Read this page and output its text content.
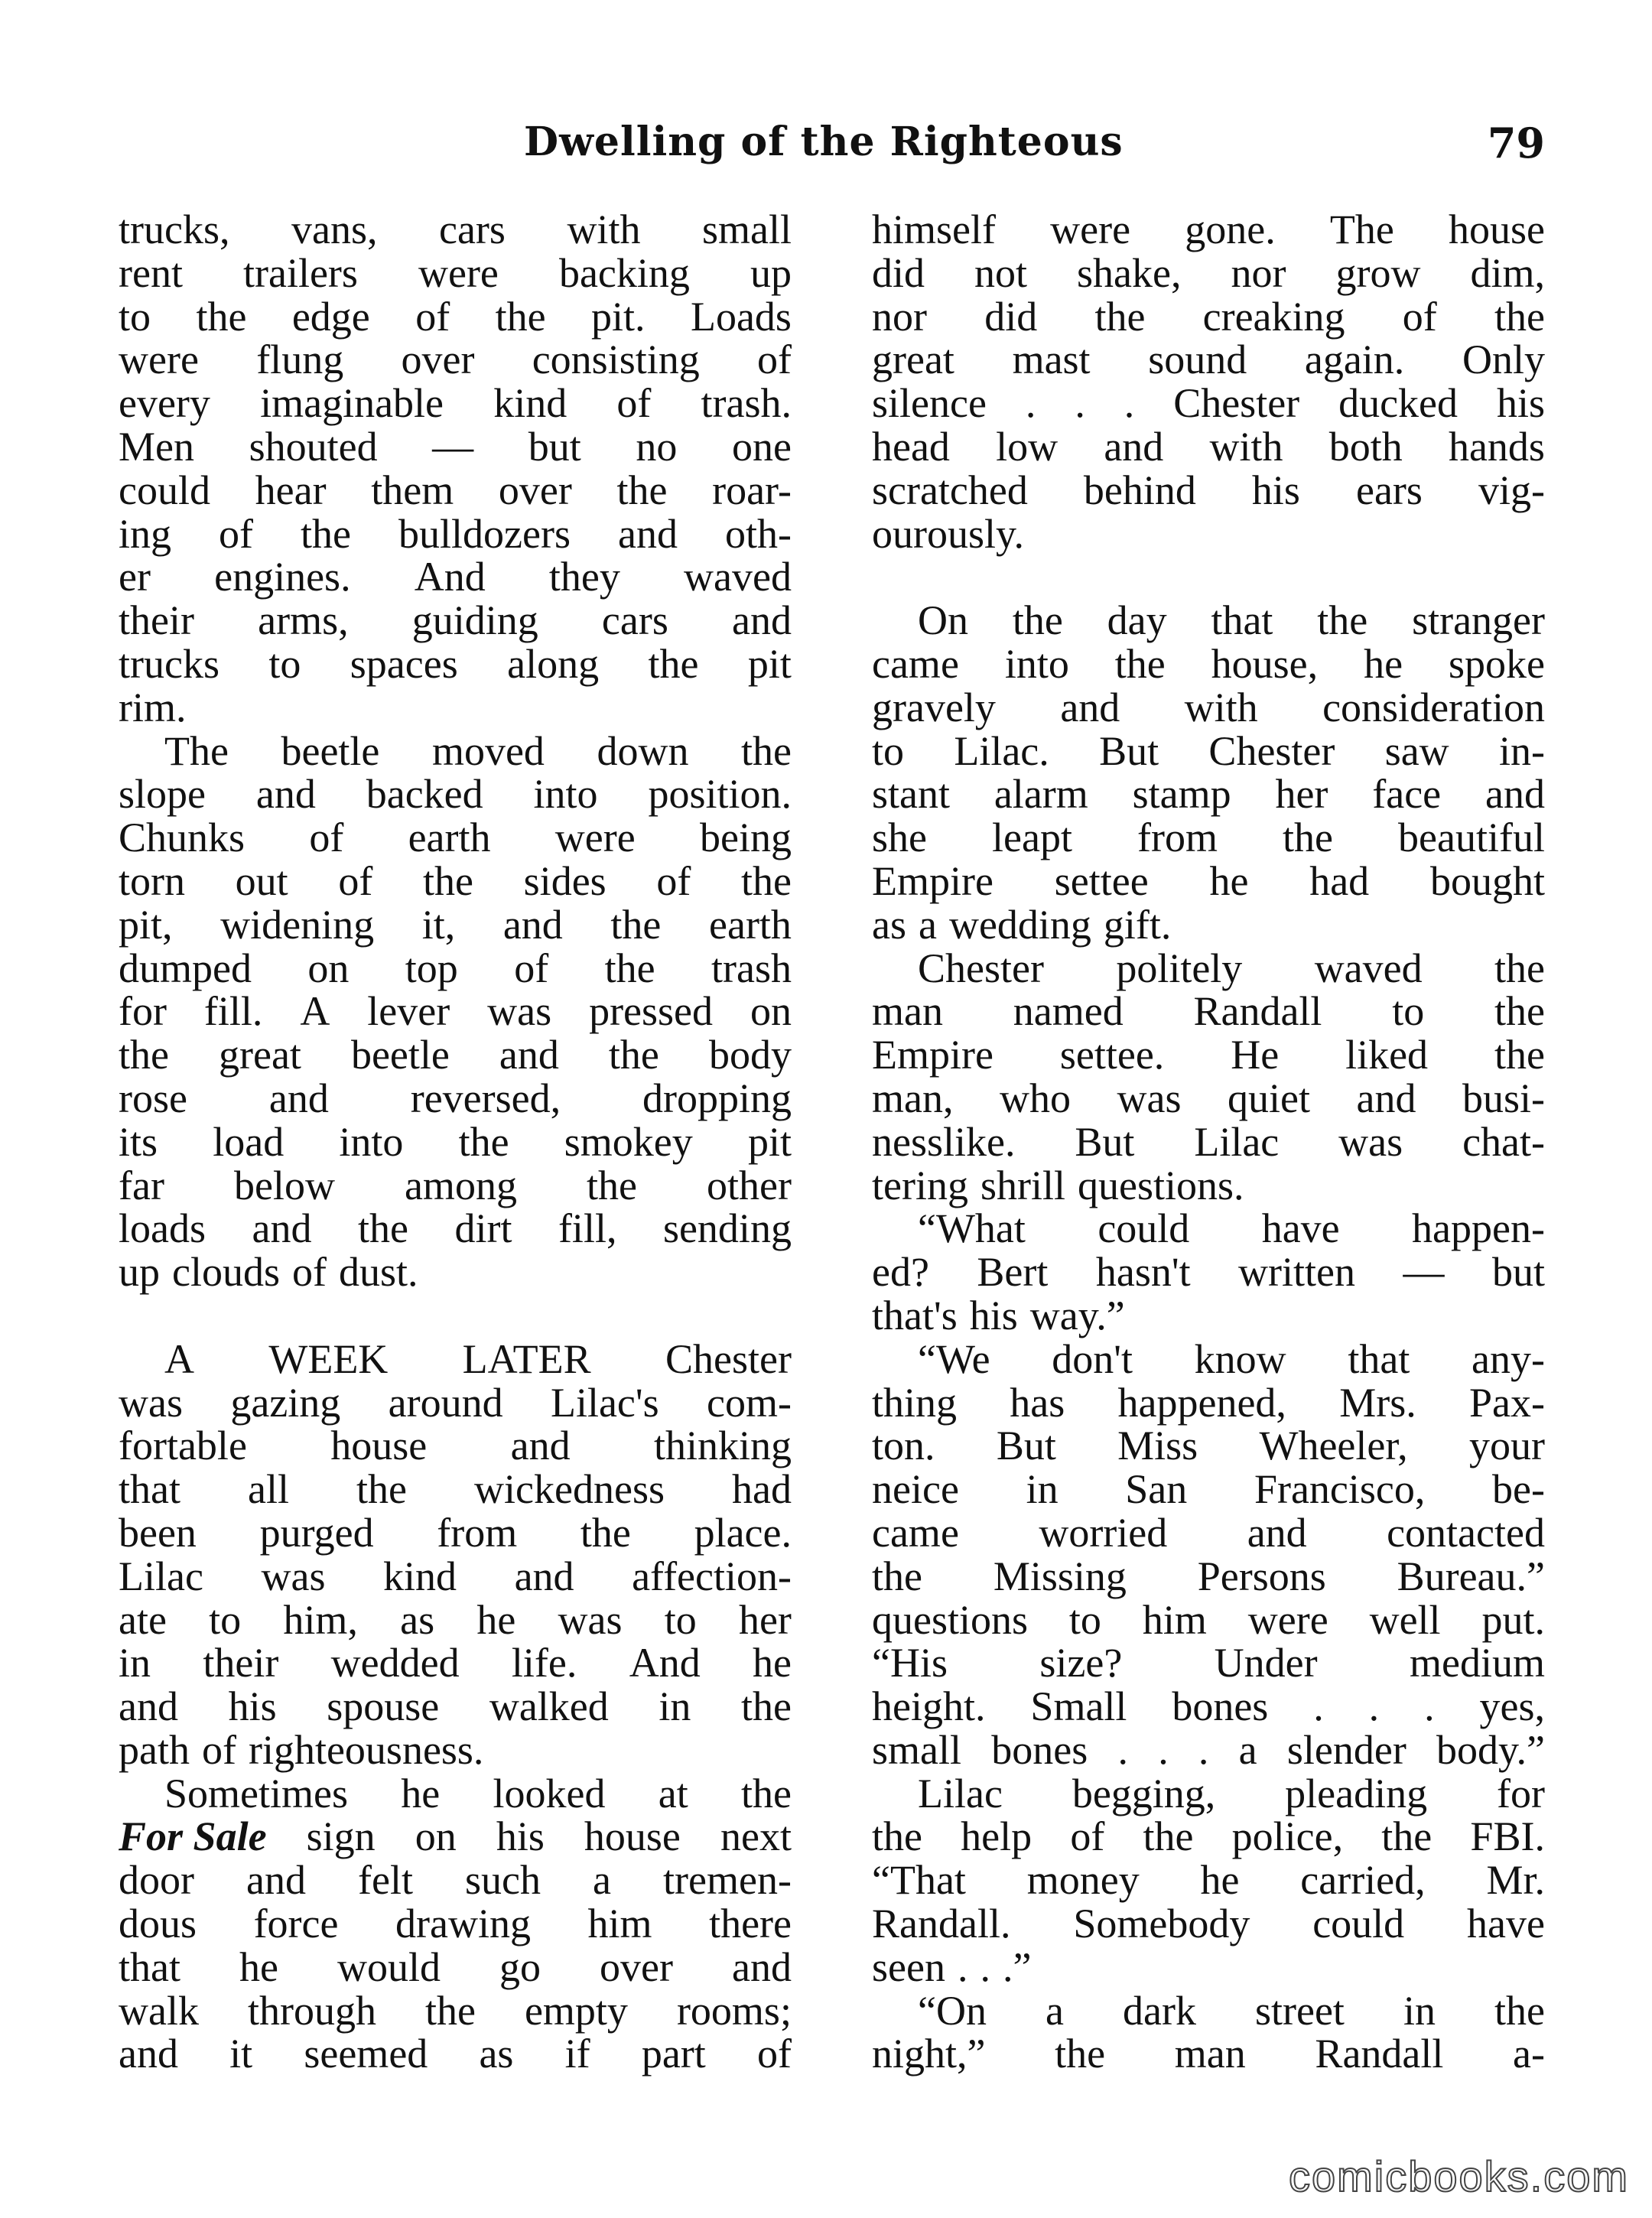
Dwelling of the Righteous	79
trucks, vans, cars with small
rent trailers were backing up
to the edge of the pit. Loads
were flung over consisting of
every imaginable kind of trash.
Men shouted — but no one
could hear them over the roar-
ing of the bulldozers and oth-
er engines. And they waved
their arms, guiding cars and
trucks to spaces along the pit
rim.
The beetle moved down the
slope and backed into position.
Chunks of earth were being
torn out of the sides of the
pit, widening it, and the earth
dumped on top of the trash
for fill. A lever was pressed on
the great beetle and the body
rose and reversed, dropping
its load into the smokey pit
far below among the other
loads and the dirt fill, sending
up clouds of dust.
A WEEK LATER Chester
was gazing around Lilac's com-
fortable house and thinking
that all the wickedness had
been purged from the place.
Lilac was kind and affection-
ate to him, as he was to her
in their wedded life. And he
and his spouse walked in the
path of righteousness.
Sometimes he looked at the
For Sale sign on his house next
door and felt such a tremen-
dous force drawing him there
that he would go over and
walk through the empty rooms;
and it seemed as if part of
himself were gone. The house
did not shake, nor grow dim,
nor did the creaking of the
great mast sound again. Only
silence . . . Chester ducked his
head low and with both hands
scratched behind his ears vig-
ourously.
On the day that the stranger
came into the house, he spoke
gravely and with consideration
to Lilac. But Chester saw in-
stant alarm stamp her face and
she leapt from the beautiful
Empire settee he had bought
as a wedding gift.
Chester politely waved the
man named Randall to the
Empire settee. He liked the
man, who was quiet and busi-
nesslike. But Lilac was chat-
tering shrill questions.
“What could have happen-
ed? Bert hasn't written — but
that's his way.”
“We don't know that any-
thing has happened, Mrs. Pax-
ton. But Miss Wheeler, your
neice in San Francisco, be-
came worried and contacted
the Missing Persons Bureau.”
questions to him were well put.
“His size? Under medium
height. Small bones . . . yes,
small bones . . . a slender body.”
Lilac begging, pleading for
the help of the police, the FBI.
“That money he carried, Mr.
Randall. Somebody could have
seen . . .”
“On a dark street in the
night,” the man Randall a-
comicbooks.com
